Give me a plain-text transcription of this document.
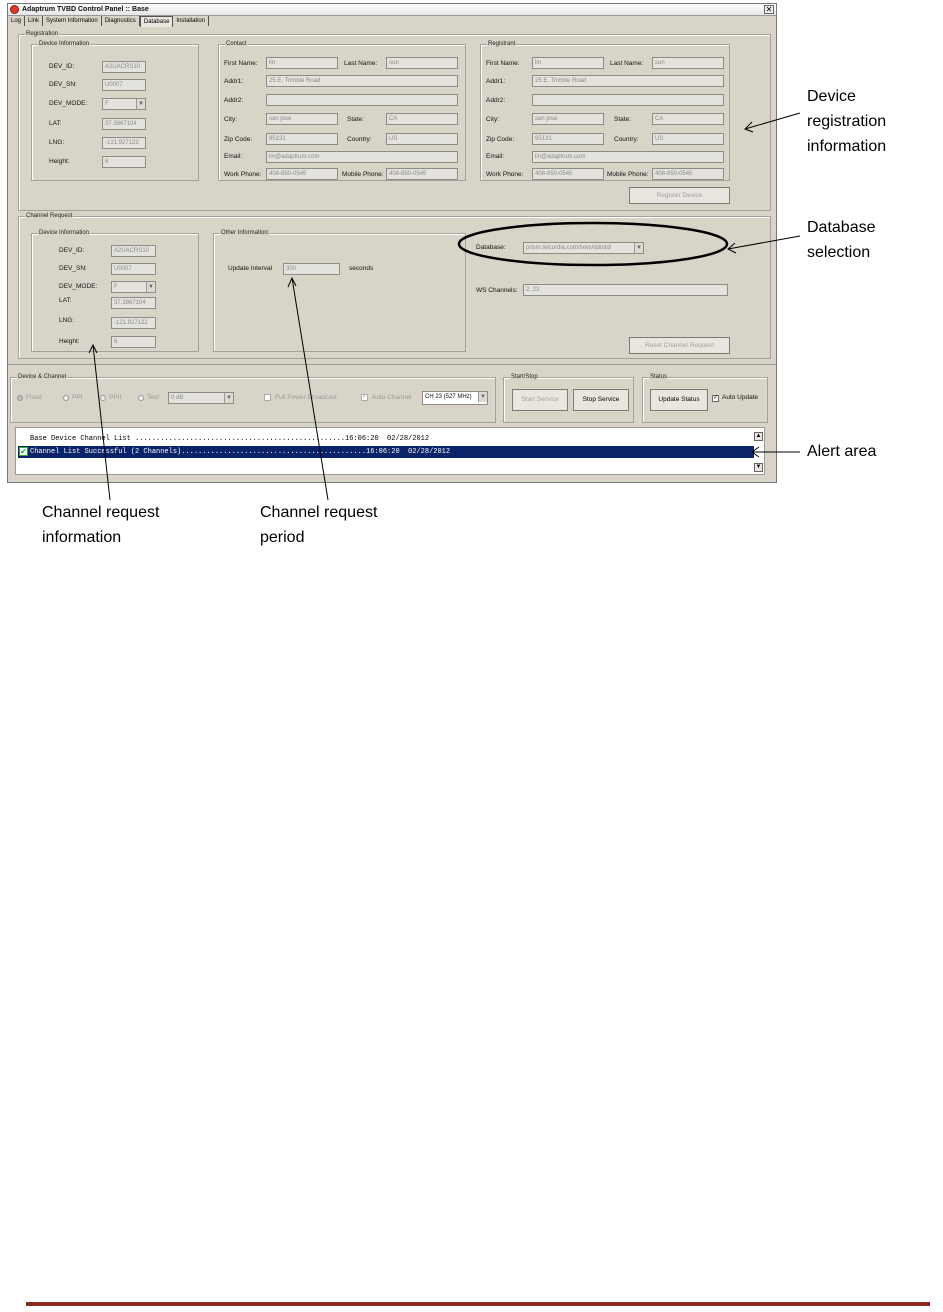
Adaptrum TVBD Control Panel :: Base	✕
Log	Link	System Information	Diagnostics	Database	Installation
Registration
Device Information
DEV_ID:	A2UACRS10
DEV_SN:	U0007
DEV_MODE:	F	▼
LAT:	37.3867104
LNG:	-121.927122
Height:	6
Contact
First Name:	lin	Last Name:	sun
Addr1:	25 E. Trimble Road
Addr2:
City:	san jose	State:	CA
Zip Code:	95131	Country:	US
Email:	lin@adaptrum.com
Work Phone:	408-850-0545	Mobile Phone: 408-850-0545
Registrant
First Name:	lin	Last Name:	sun
Addr1:	25 E. Trimble Road
Addr2:
City:	san jose	State:	CA
Zip Code:	95131	Country:	US
Email:	lin@adaptrum.com
Work Phone:	408-850-0545	Mobile Phone:	408-850-0545
Register Device
Channel Request
Device Information
DEV_ID:	A2UACRS10
DEV_SN:	U0007
DEV_MODE:	F	▼
LAT:	37.3867104
LNG:	-121.927122
Height:	6
Other Information:
Update Interval	300	seconds
Database:	prism.telcordia.com/tvws/ddi/ddi	▼
WS Channels:	2, 23
Reset Channel Request
Device & Channel
Fixed	PPI	PPII	Test	0 dB	▼	Full Power Broadcast	✓ Auto Channel	CH 23 (527 MHz)	▼
Start/Stop
Start Service	Stop Service
Status
Update Status	✓ Auto Update
Base Device Channel List ..................................................16:06:20  02/28/2012
✔ Channel List Successful (2 Channels)............................................16:06:20  02/28/2012
▲
▼
Device
registration
information
Database
selection
Alert area
Channel request
information
Channel request
period
